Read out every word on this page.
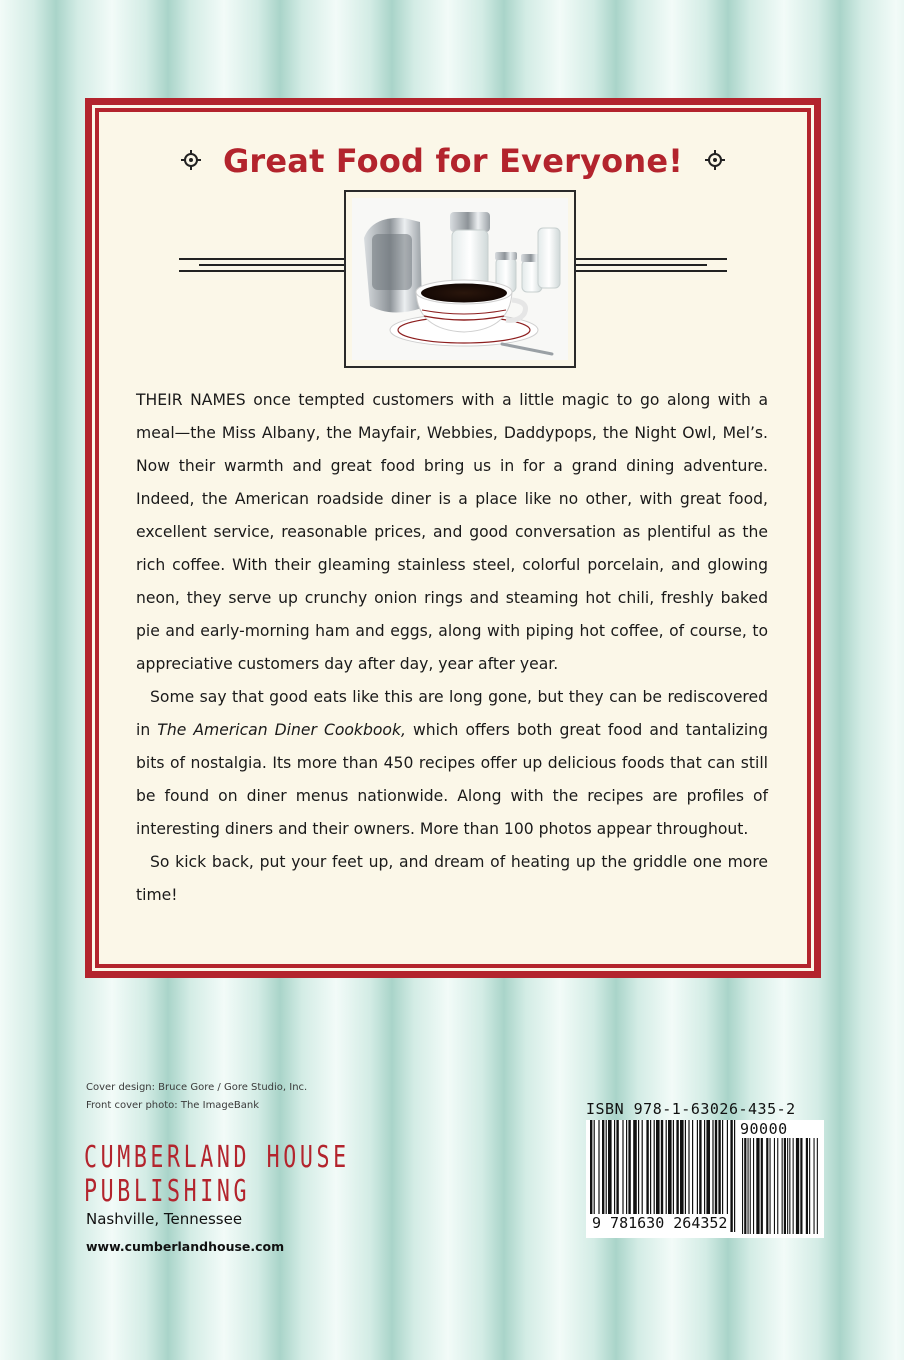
Great Food for Everyone!

THEIR NAMES once tempted customers with a little magic to go along with a meal—the Miss Albany, the Mayfair, Webbies, Daddypops, the Night Owl, Mel’s. Now their warmth and great food bring us in for a grand dining adventure. Indeed, the American roadside diner is a place like no other, with great food, excellent service, reasonable prices, and good conversation as plentiful as the rich coffee. With their gleaming stainless steel, colorful porcelain, and glowing neon, they serve up crunchy onion rings and steaming hot chili, freshly baked pie and early-morning ham and eggs, along with piping hot coffee, of course, to appreciative customers day after day, year after year.

Some say that good eats like this are long gone, but they can be rediscovered in The American Diner Cookbook, which offers both great food and tantalizing bits of nostalgia. Its more than 450 recipes offer up delicious foods that can still be found on diner menus nationwide. Along with the recipes are profiles of interesting diners and their owners. More than 100 photos appear throughout.

So kick back, put your feet up, and dream of heating up the griddle one more time!

Cover design: Bruce Gore / Gore Studio, Inc.
Front cover photo: The ImageBank
CUMBERLAND HOUSE
PUBLISHING
Nashville, Tennessee
www.cumberlandhouse.com
ISBN 978-1-63026-435-2
90000
9 781630 264352
